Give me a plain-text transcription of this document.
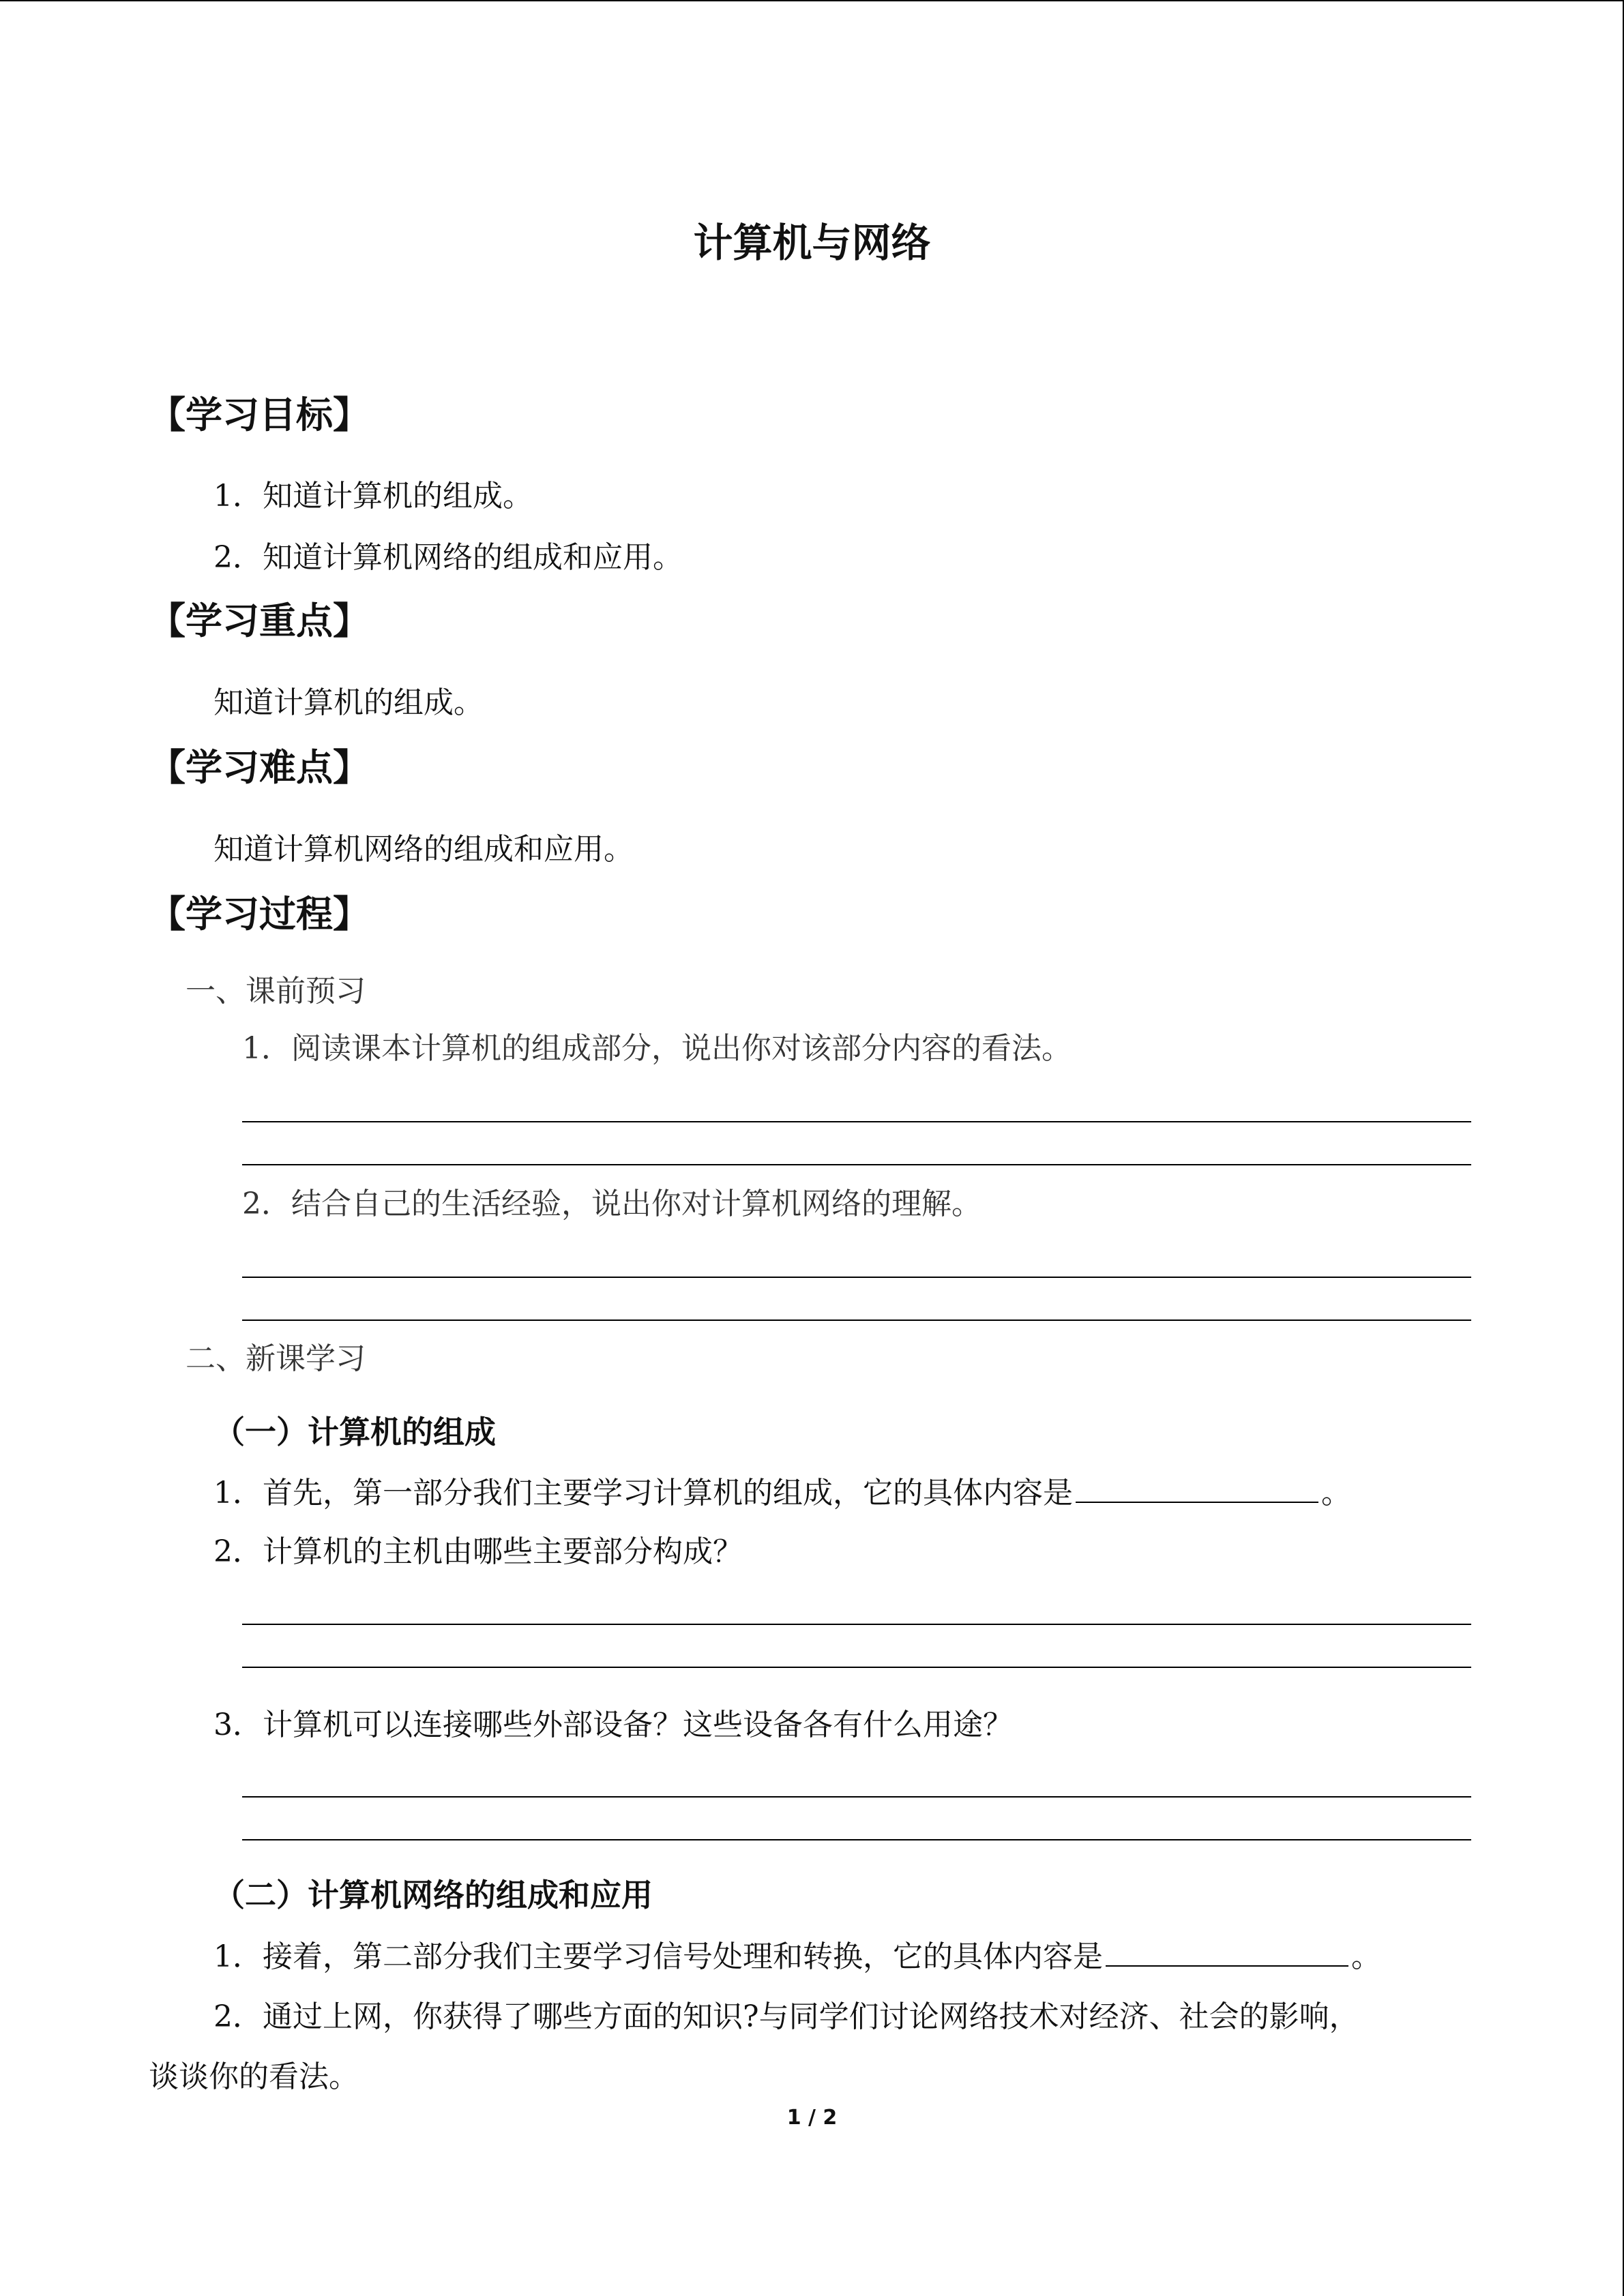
计算机与网络
【学习目标】
1．知道计算机的组成。
2．知道计算机网络的组成和应用。
【学习重点】
知道计算机的组成。
【学习难点】
知道计算机网络的组成和应用。
【学习过程】
一、课前预习
1．阅读课本计算机的组成部分，说出你对该部分内容的看法。
2．结合自己的生活经验，说出你对计算机网络的理解。
二、新课学习
（一）计算机的组成
1．首先，第一部分我们主要学习计算机的组成，它的具体内容是	。
2．计算机的主机由哪些主要部分构成？
3．计算机可以连接哪些外部设备？这些设备各有什么用途？
（二）计算机网络的组成和应用
1．接着，第二部分我们主要学习信号处理和转换，它的具体内容是	。
2．通过上网，你获得了哪些方面的知识?与同学们讨论网络技术对经济、社会的影响，
谈谈你的看法。
1 / 2
